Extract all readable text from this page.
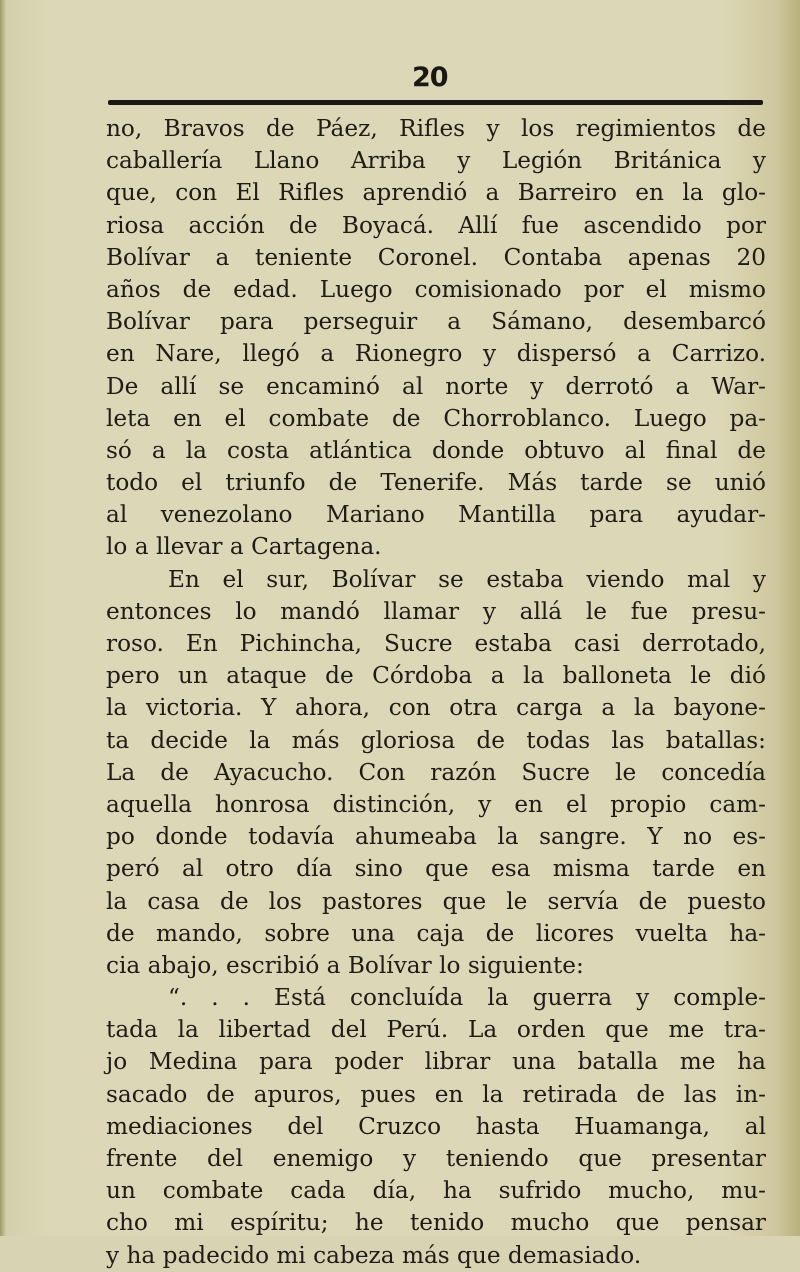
20
no, Bravos de Páez, Rifles y los regimientos de
caballería Llano Arriba y Legión Británica y
que, con El Rifles aprendió a Barreiro en la glo-
riosa acción de Boyacá. Allí fue ascendido por
Bolívar a teniente Coronel. Contaba apenas 20
años de edad. Luego comisionado por el mismo
Bolívar para perseguir a Sámano, desembarcó
en Nare, llegó a Rionegro y dispersó a Carrizo.
De allí se encaminó al norte y derrotó a War-
leta en el combate de Chorroblanco. Luego pa-
só a la costa atlántica donde obtuvo al final de
todo el triunfo de Tenerife. Más tarde se unió
al venezolano Mariano Mantilla para ayudar-
lo a llevar a Cartagena.
En el sur, Bolívar se estaba viendo mal y
entonces lo mandó llamar y allá le fue presu-
roso. En Pichincha, Sucre estaba casi derrotado,
pero un ataque de Córdoba a la balloneta le dió
la victoria. Y ahora, con otra carga a la bayone-
ta decide la más gloriosa de todas las batallas:
La de Ayacucho. Con razón Sucre le concedía
aquella honrosa distinción, y en el propio cam-
po donde todavía ahumeaba la sangre. Y no es-
peró al otro día sino que esa misma tarde en
la casa de los pastores que le servía de puesto
de mando, sobre una caja de licores vuelta ha-
cia abajo, escribió a Bolívar lo siguiente:
“. . . Está concluída la guerra y comple-
tada la libertad del Perú. La orden que me tra-
jo Medina para poder librar una batalla me ha
sacado de apuros, pues en la retirada de las in-
mediaciones del Cruzco hasta Huamanga, al
frente del enemigo y teniendo que presentar
un combate cada día, ha sufrido mucho, mu-
cho mi espíritu; he tenido mucho que pensar
y ha padecido mi cabeza más que demasiado.
